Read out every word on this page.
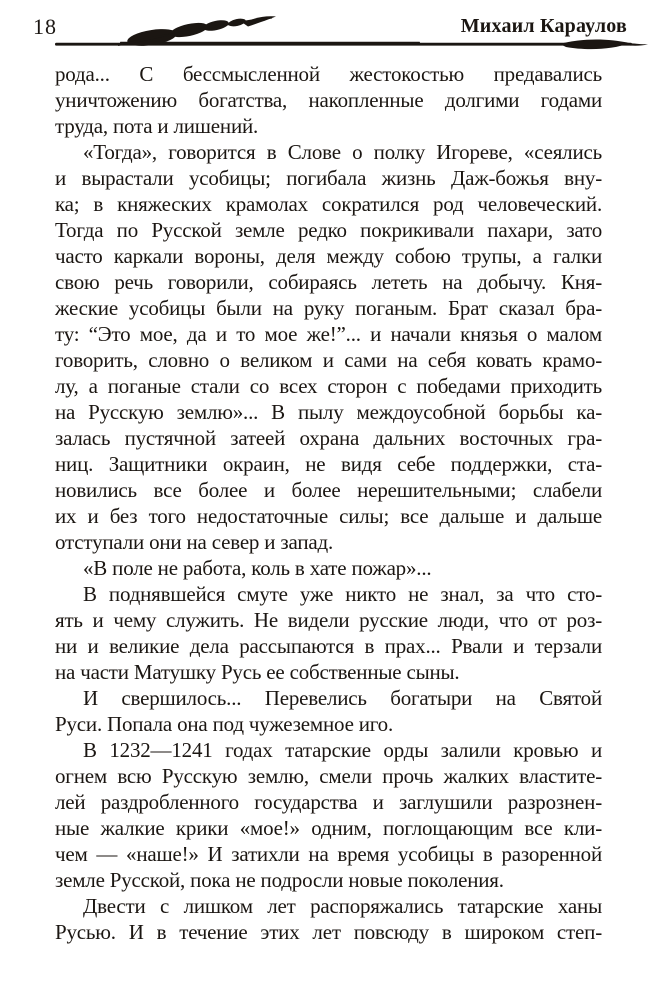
18	Михаил Караулов
рода... С бессмысленной жестокостью предавались
уничтожению богатства, накопленные долгими годами
труда, пота и лишений.
«Тогда», говорится в Слове о полку Игореве, «сеялись
и вырастали усобицы; погибала жизнь Даж-божья вну-
ка; в княжеских крамолах сократился род человеческий.
Тогда по Русской земле редко покрикивали пахари, зато
часто каркали вороны, деля между собою трупы, а галки
свою речь говорили, собираясь лететь на добычу. Кня-
жеские усобицы были на руку поганым. Брат сказал бра-
ту: “Это мое, да и то мое же!”... и начали князья о малом
говорить, словно о великом и сами на себя ковать крамо-
лу, а поганые стали со всех сторон с победами приходить
на Русскую землю»... В пылу междоусобной борьбы ка-
залась пустячной затеей охрана дальних восточных гра-
ниц. Защитники окраин, не видя себе поддержки, ста-
новились все более и более нерешительными; слабели
их и без того недостаточные силы; все дальше и дальше
отступали они на север и запад.
«В поле не работа, коль в хате пожар»...
В поднявшейся смуте уже никто не знал, за что сто-
ять и чему служить. Не видели русские люди, что от роз-
ни и великие дела рассыпаются в прах... Рвали и терзали
на части Матушку Русь ее собственные сыны.
И свершилось... Перевелись богатыри на Святой
Руси. Попала она под чужеземное иго.
В 1232—1241 годах татарские орды залили кровью и
огнем всю Русскую землю, смели прочь жалких властите-
лей раздробленного государства и заглушили разрознен-
ные жалкие крики «мое!» одним, поглощающим все кли-
чем — «наше!» И затихли на время усобицы в разоренной
земле Русской, пока не подросли новые поколения.
Двести с лишком лет распоряжались татарские ханы
Русью. И в течение этих лет повсюду в широком степ-
